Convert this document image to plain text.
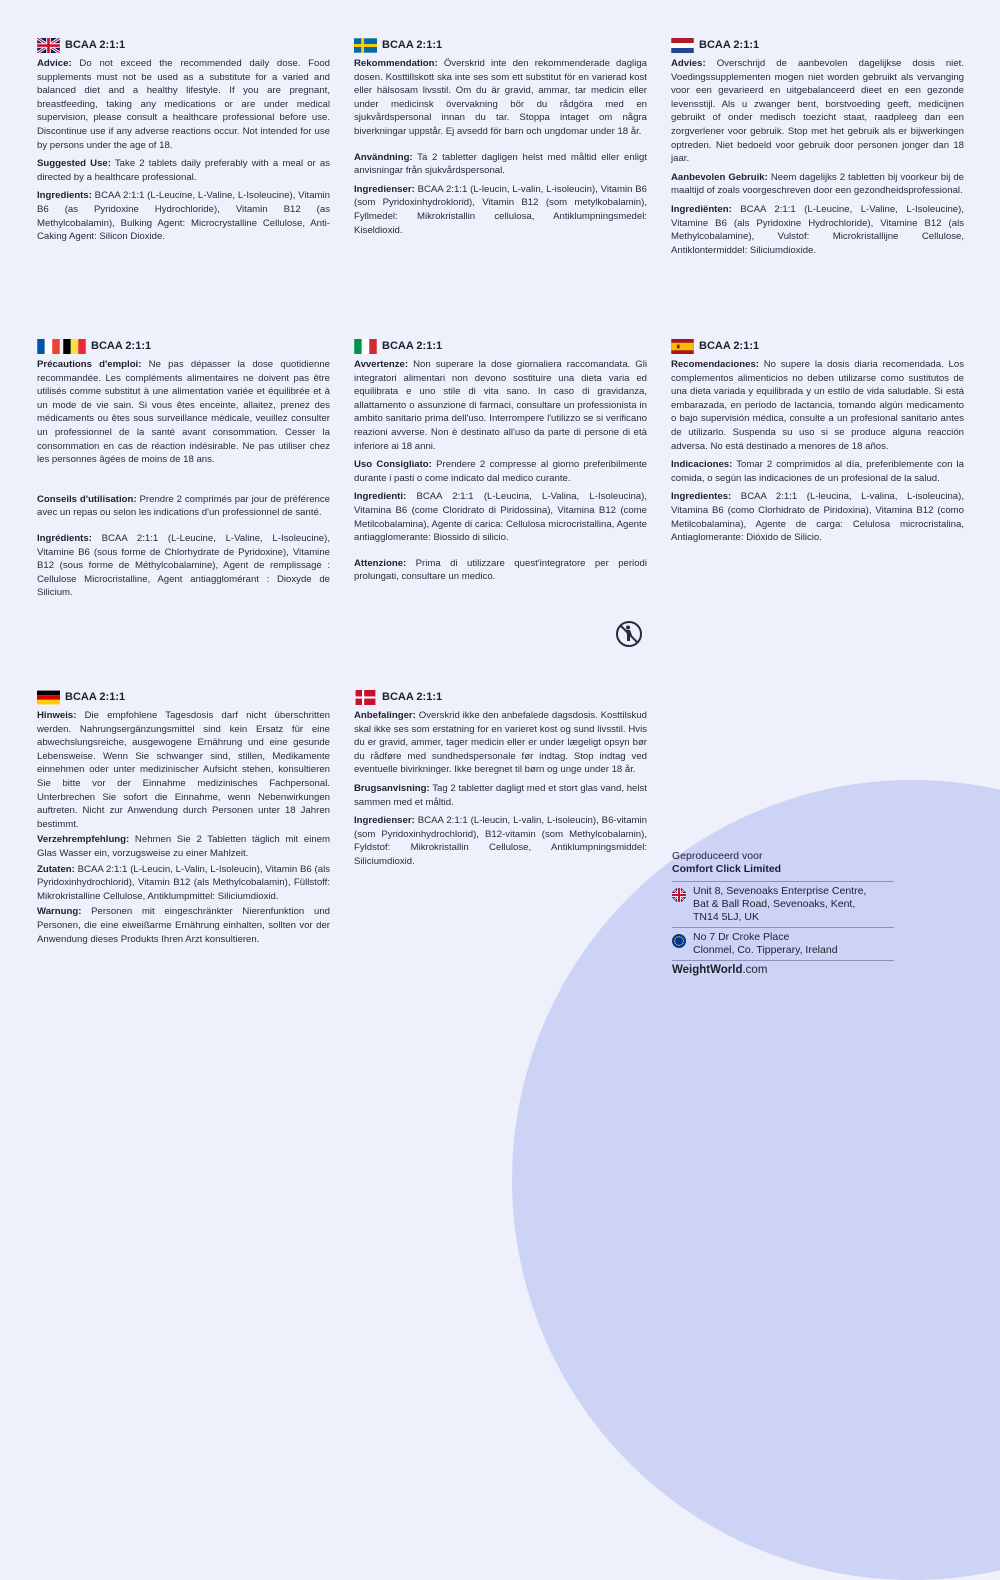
BCAA 2:1:1

Advice: Do not exceed the recommended daily dose. Food supplements must not be used as a substitute for a varied and balanced diet and a healthy lifestyle. If you are pregnant, breastfeeding, taking any medications or are under medical supervision, please consult a healthcare professional before use. Discontinue use if any adverse reactions occur. Not intended for use by persons under the age of 18.

Suggested Use: Take 2 tablets daily preferably with a meal or as directed by a healthcare professional.

Ingredients: BCAA 2:1:1 (L-Leucine, L-Valine, L-Isoleucine), Vitamin B6 (as Pyridoxine Hydrochloride), Vitamin B12 (as Methylcobalamin), Bulking Agent: Microcrystalline Cellulose, Anti-Caking Agent: Silicon Dioxide.

BCAA 2:1:1

Rekommendation: Överskrid inte den rekommenderade dagliga dosen. Kosttillskott ska inte ses som ett substitut för en varierad kost eller hälsosam livsstil. Om du är gravid, ammar, tar medicin eller under medicinsk övervakning bör du rådgöra med en sjukvårdspersonal innan du tar. Stoppa intaget om några biverkningar uppstår. Ej avsedd för barn och ungdomar under 18 år.

Användning: Ta 2 tabletter dagligen helst med måltid eller enligt anvisningar från sjukvårdspersonal.

Ingredienser: BCAA 2:1:1 (L-leucin, L-valin, L-isoleucin), Vitamin B6 (som Pyridoxinhydroklorid), Vitamin B12 (som metylkobalamin), Fyllmedel: Mikrokristallin cellulosa, Antiklumpningsmedel: Kiseldioxid.

BCAA 2:1:1

Advies: Overschrijd de aanbevolen dagelijkse dosis niet. Voedingssupplementen mogen niet worden gebruikt als vervanging voor een gevarieerd en uitgebalanceerd dieet en een gezonde levensstijl. Als u zwanger bent, borstvoeding geeft, medicijnen gebruikt of onder medisch toezicht staat, raadpleeg dan een zorgverlener voor gebruik. Stop met het gebruik als er bijwerkingen optreden. Niet bedoeld voor gebruik door personen jonger dan 18 jaar.

Aanbevolen Gebruik: Neem dagelijks 2 tabletten bij voorkeur bij de maaltijd of zoals voorgeschreven door een gezondheidsprofessional.

Ingrediënten: BCAA 2:1:1 (L-Leucine, L-Valine, L-Isoleucine), Vitamine B6 (als Pyridoxine Hydrochloride), Vitamine B12 (als Methylcobalamine), Vulstof: Microkristallijne Cellulose, Antiklontermiddel: Siliciumdioxide.

BCAA 2:1:1

Précautions d'emploi: Ne pas dépasser la dose quotidienne recommandée. Les compléments alimentaires ne doivent pas être utilisés comme substitut à une alimentation variée et équilibrée et à un mode de vie sain. Si vous êtes enceinte, allaitez, prenez des médicaments ou êtes sous surveillance médicale, veuillez consulter un professionnel de la santé avant consommation. Cesser la consommation en cas de réaction indésirable. Ne pas utiliser chez les personnes âgées de moins de 18 ans.

Conseils d'utilisation: Prendre 2 comprimés par jour de préférence avec un repas ou selon les indications d'un professionnel de santé.

Ingrédients: BCAA 2:1:1 (L-Leucine, L-Valine, L-Isoleucine), Vitamine B6 (sous forme de Chlorhydrate de Pyridoxine), Vitamine B12 (sous forme de Méthylcobalamine), Agent de remplissage : Cellulose Microcristalline, Agent antiagglomérant : Dioxyde de Silicium.

BCAA 2:1:1

Avvertenze: Non superare la dose giornaliera raccomandata. Gli integratori alimentari non devono sostituire una dieta varia ed equilibrata e uno stile di vita sano. In caso di gravidanza, allattamento o assunzione di farmaci, consultare un professionista in ambito sanitario prima dell'uso. Interrompere l'utilizzo se si verificano reazioni avverse. Non è destinato all'uso da parte di persone di età inferiore ai 18 anni.

Uso Consigliato: Prendere 2 compresse al giorno preferibilmente durante i pasti o come indicato dal medico curante.

Ingredienti: BCAA 2:1:1 (L-Leucina, L-Valina, L-Isoleucina), Vitamina B6 (come Cloridrato di Piridossina), Vitamina B12 (come Metilcobalamina), Agente di carica: Cellulosa microcristallina, Agente antiagglomerante: Biossido di silicio.

Attenzione: Prima di utilizzare quest'integratore per periodi prolungati, consultare un medico.

BCAA 2:1:1

Recomendaciones: No supere la dosis diaria recomendada. Los complementos alimenticios no deben utilizarse como sustitutos de una dieta variada y equilibrada y un estilo de vida saludable. Si está embarazada, en periodo de lactancia, tomando algún medicamento o bajo supervisión médica, consulte a un profesional sanitario antes de utilizarlo. Suspenda su uso si se produce alguna reacción adversa. No está destinado a menores de 18 años.

Indicaciones: Tomar 2 comprimidos al día, preferiblemente con la comida, o según las indicaciones de un profesional de la salud.

Ingredientes: BCAA 2:1:1 (L-leucina, L-valina, L-isoleucina), Vitamina B6 (como Clorhidrato de Piridoxina), Vitamina B12 (como Metilcobalamina), Agente de carga: Celulosa microcristalina, Antiaglomerante: Dióxido de Silicio.

BCAA 2:1:1

Hinweis: Die empfohlene Tagesdosis darf nicht überschritten werden. Nahrungsergänzungsmittel sind kein Ersatz für eine abwechslungsreiche, ausgewogene Ernährung und eine gesunde Lebensweise. Wenn Sie schwanger sind, stillen, Medikamente einnehmen oder unter medizinischer Aufsicht stehen, konsultieren Sie bitte vor der Einnahme medizinisches Fachpersonal. Unterbrechen Sie sofort die Einnahme, wenn Nebenwirkungen auftreten. Nicht zur Anwendung durch Personen unter 18 Jahren bestimmt.

Verzehrempfehlung: Nehmen Sie 2 Tabletten täglich mit einem Glas Wasser ein, vorzugsweise zu einer Mahlzeit.

Zutaten: BCAA 2:1:1 (L-Leucin, L-Valin, L-Isoleucin), Vitamin B6 (als Pyridoxinhydrochlorid), Vitamin B12 (als Methylcobalamin), Füllstoff: Mikrokristalline Cellulose, Antiklumpmittel: Siliciumdioxid.

Warnung: Personen mit eingeschränkter Nierenfunktion und Personen, die eine eiweißarme Ernährung einhalten, sollten vor der Anwendung dieses Produkts Ihren Arzt konsultieren.

BCAA 2:1:1

Anbefalinger: Overskrid ikke den anbefalede dagsdosis. Kosttilskud skal ikke ses som erstatning for en varieret kost og sund livsstil. Hvis du er gravid, ammer, tager medicin eller er under lægeligt opsyn bør du rådføre med sundhedspersonale før indtag. Stop indtag ved eventuelle bivirkninger. Ikke beregnet til børn og unge under 18 år.

Brugsanvisning: Tag 2 tabletter dagligt med et stort glas vand, helst sammen med et måltid.

Ingredienser: BCAA 2:1:1 (L-leucin, L-valin, L-isoleucin), B6-vitamin (som Pyridoxinhydrochlorid), B12-vitamin (som Methylcobalamin), Fyldstof: Mikrokristallin Cellulose, Antiklumpningsmiddel: Siliciumdioxid.	Geproduceerd voor
Comfort Click Limited
Unit 8, Sevenoaks Enterprise Centre,
Bat & Ball Road, Sevenoaks, Kent,
TN14 5LJ, UK
No 7 Dr Croke Place
Clonmel, Co. Tipperary, Ireland
WeightWorld.com
